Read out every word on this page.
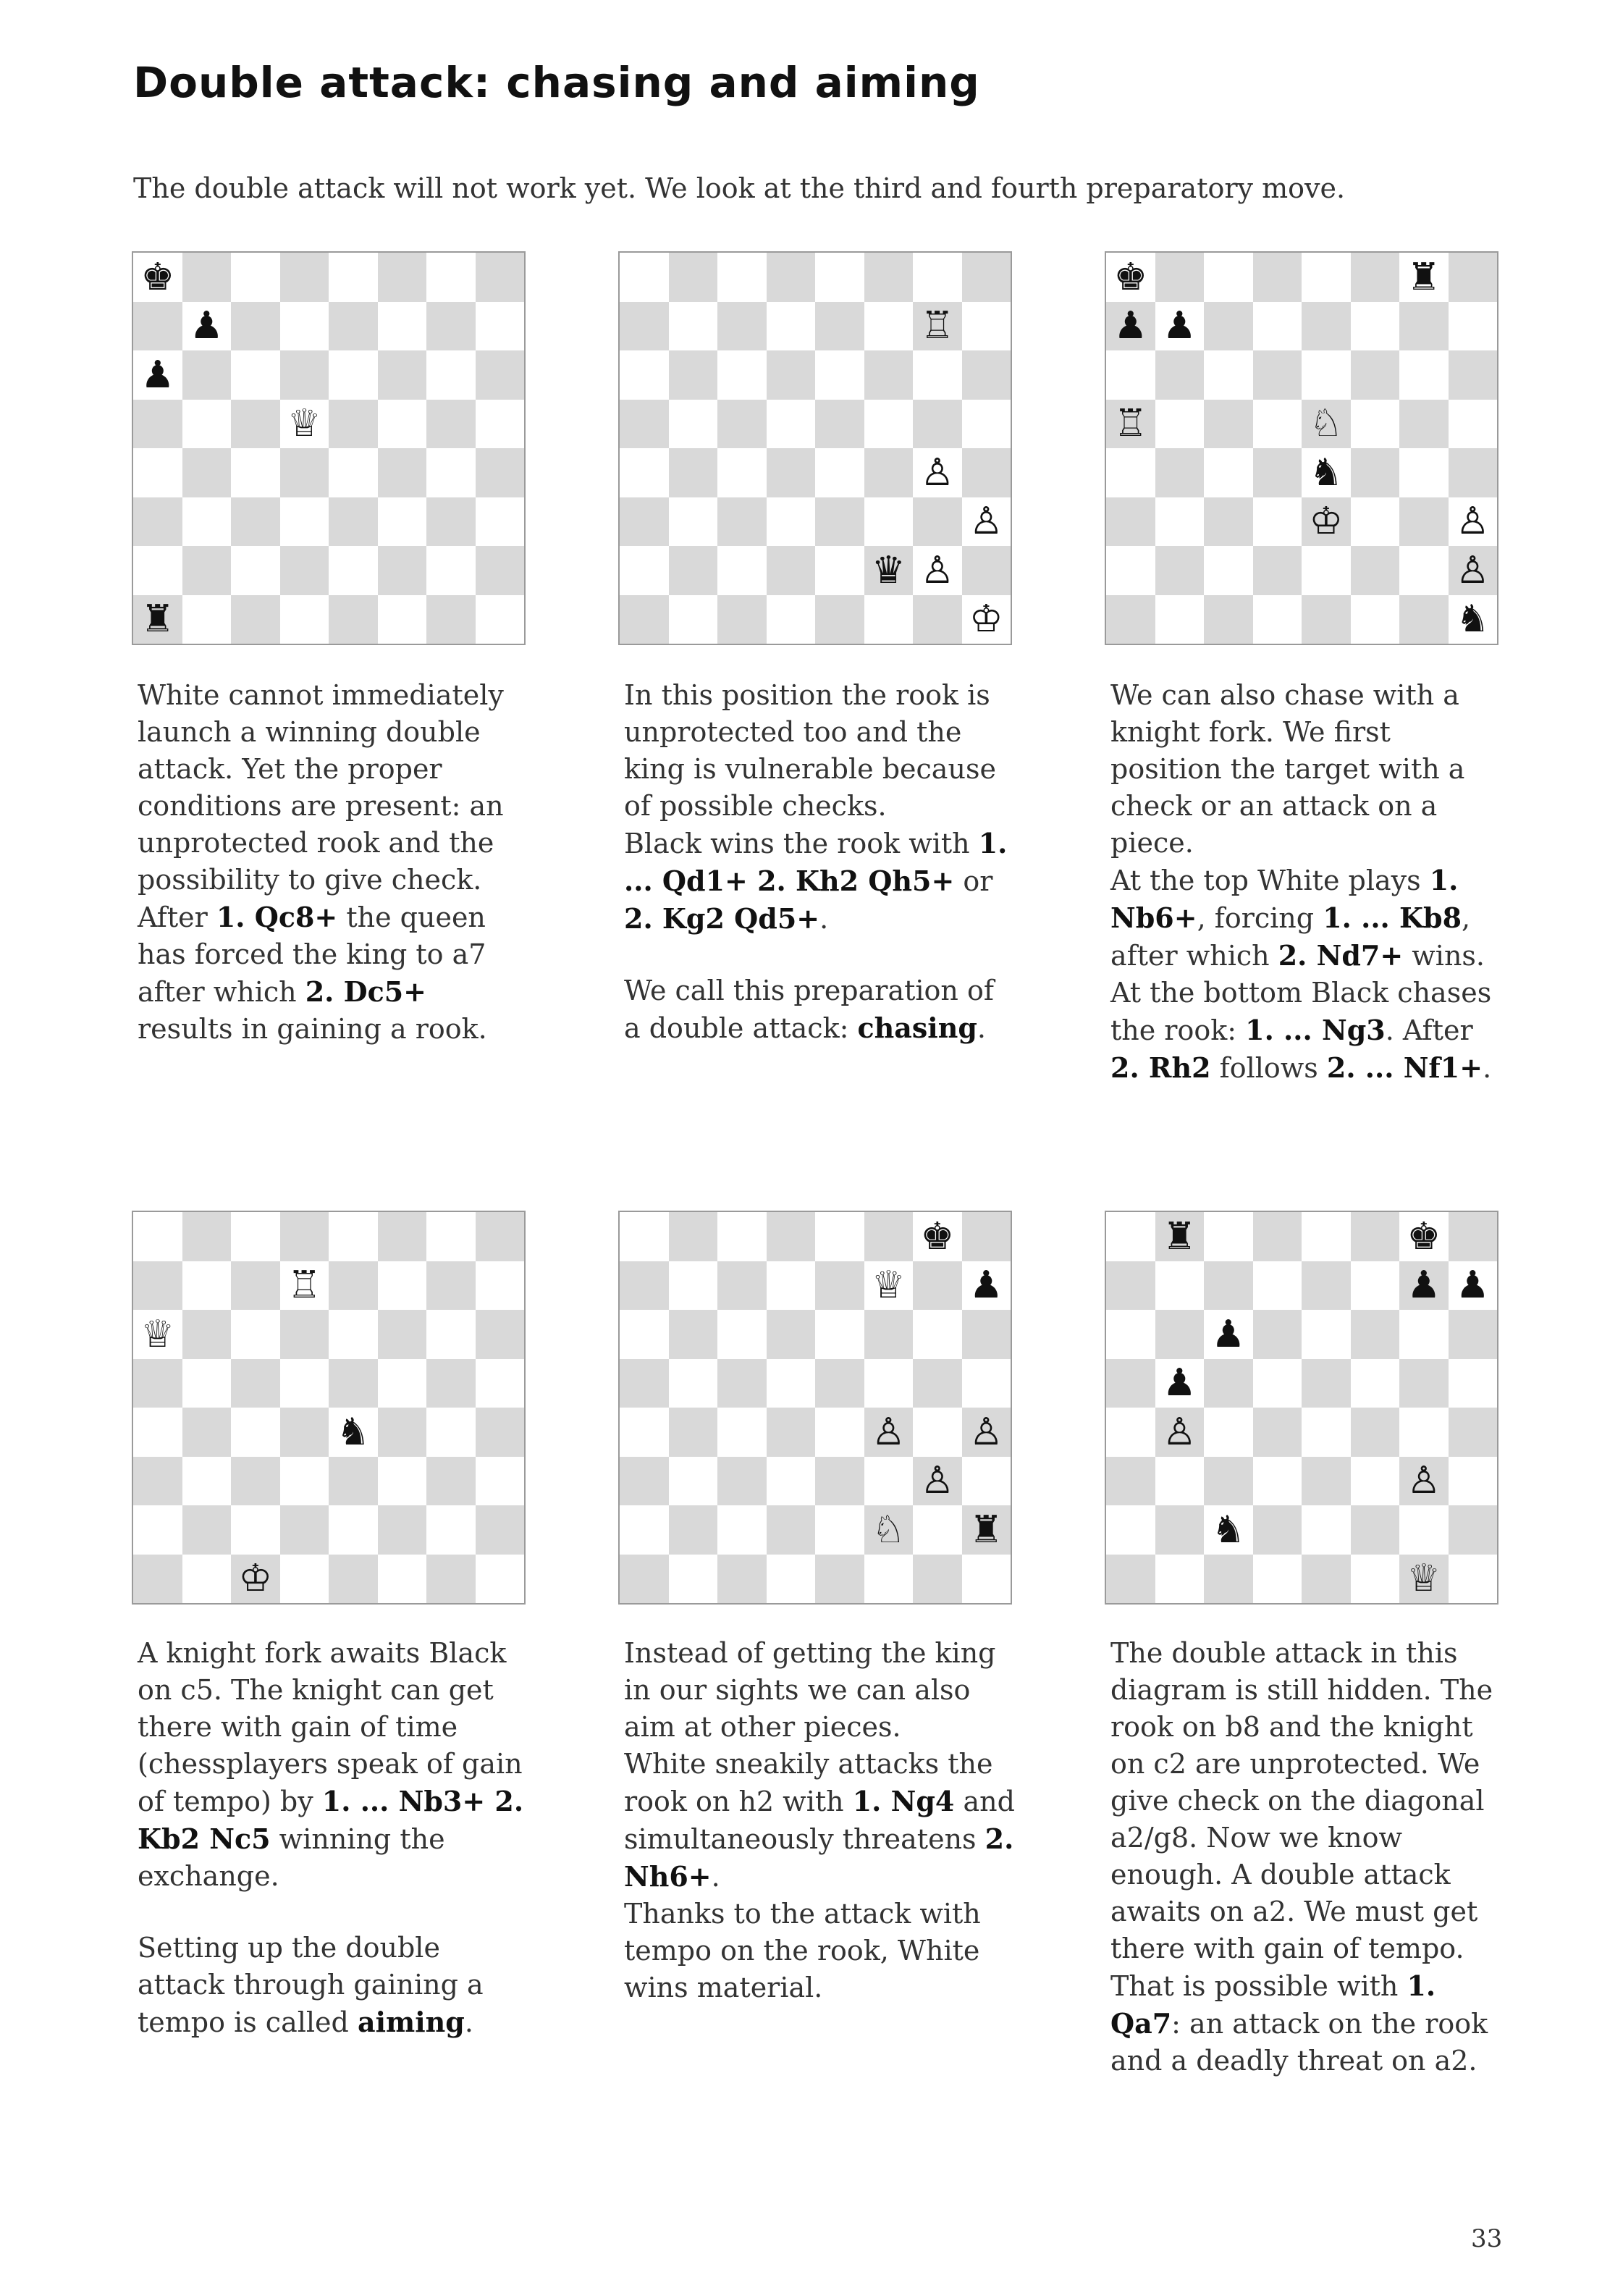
Double attack: chasing and aiming

The double attack will not work yet. We look at the third and fourth preparatory move.

♚
♟
♟
♕
♜
♖
♙
♙
♛ ♙
♔
♚	♜
♟ ♟
♖	♘
♞
♔	♙
♙
♞
♖
♕
♞
♔
♚
♕ ♟
♙ ♙
♙
♘ ♜
♜	♚
♟ ♟
♟
♟
♙
♙
♞
♕

White cannot immediately launch a winning double attack. Yet the proper conditions are present: an unprotected rook and the possibility to give check. After 1. Qc8+ the queen has forced the king to a7 after which 2. Dc5+ results in gaining a rook.

In this position the rook is unprotected too and the king is vulnerable because of possible checks.

Black wins the rook with 1. ... Qd1+ 2. Kh2 Qh5+ or 2. Kg2 Qd5+.

We call this preparation of a double attack: chasing.

We can also chase with a knight fork. We first position the target with a check or an attack on a piece.

At the top White plays 1. Nb6+, forcing 1. ... Kb8, after which 2. Nd7+ wins.

At the bottom Black chases the rook: 1. ... Ng3. After 2. Rh2 follows 2. ... Nf1+.

A knight fork awaits Black on c5. The knight can get there with gain of time (chessplayers speak of gain of tempo) by 1. ... Nb3+ 2. Kb2 Nc5 winning the exchange.

Setting up the double attack through gaining a tempo is called aiming.

Instead of getting the king in our sights we can also aim at other pieces.

White sneakily attacks the rook on h2 with 1. Ng4 and simultaneously threatens 2. Nh6+.

Thanks to the attack with tempo on the rook, White wins material.

The double attack in this diagram is still hidden. The rook on b8 and the knight on c2 are unprotected. We give check on the diagonal a2/g8. Now we know enough. A double attack awaits on a2. We must get there with gain of tempo. That is possible with 1. Qa7: an attack on the rook and a deadly threat on a2.

33
